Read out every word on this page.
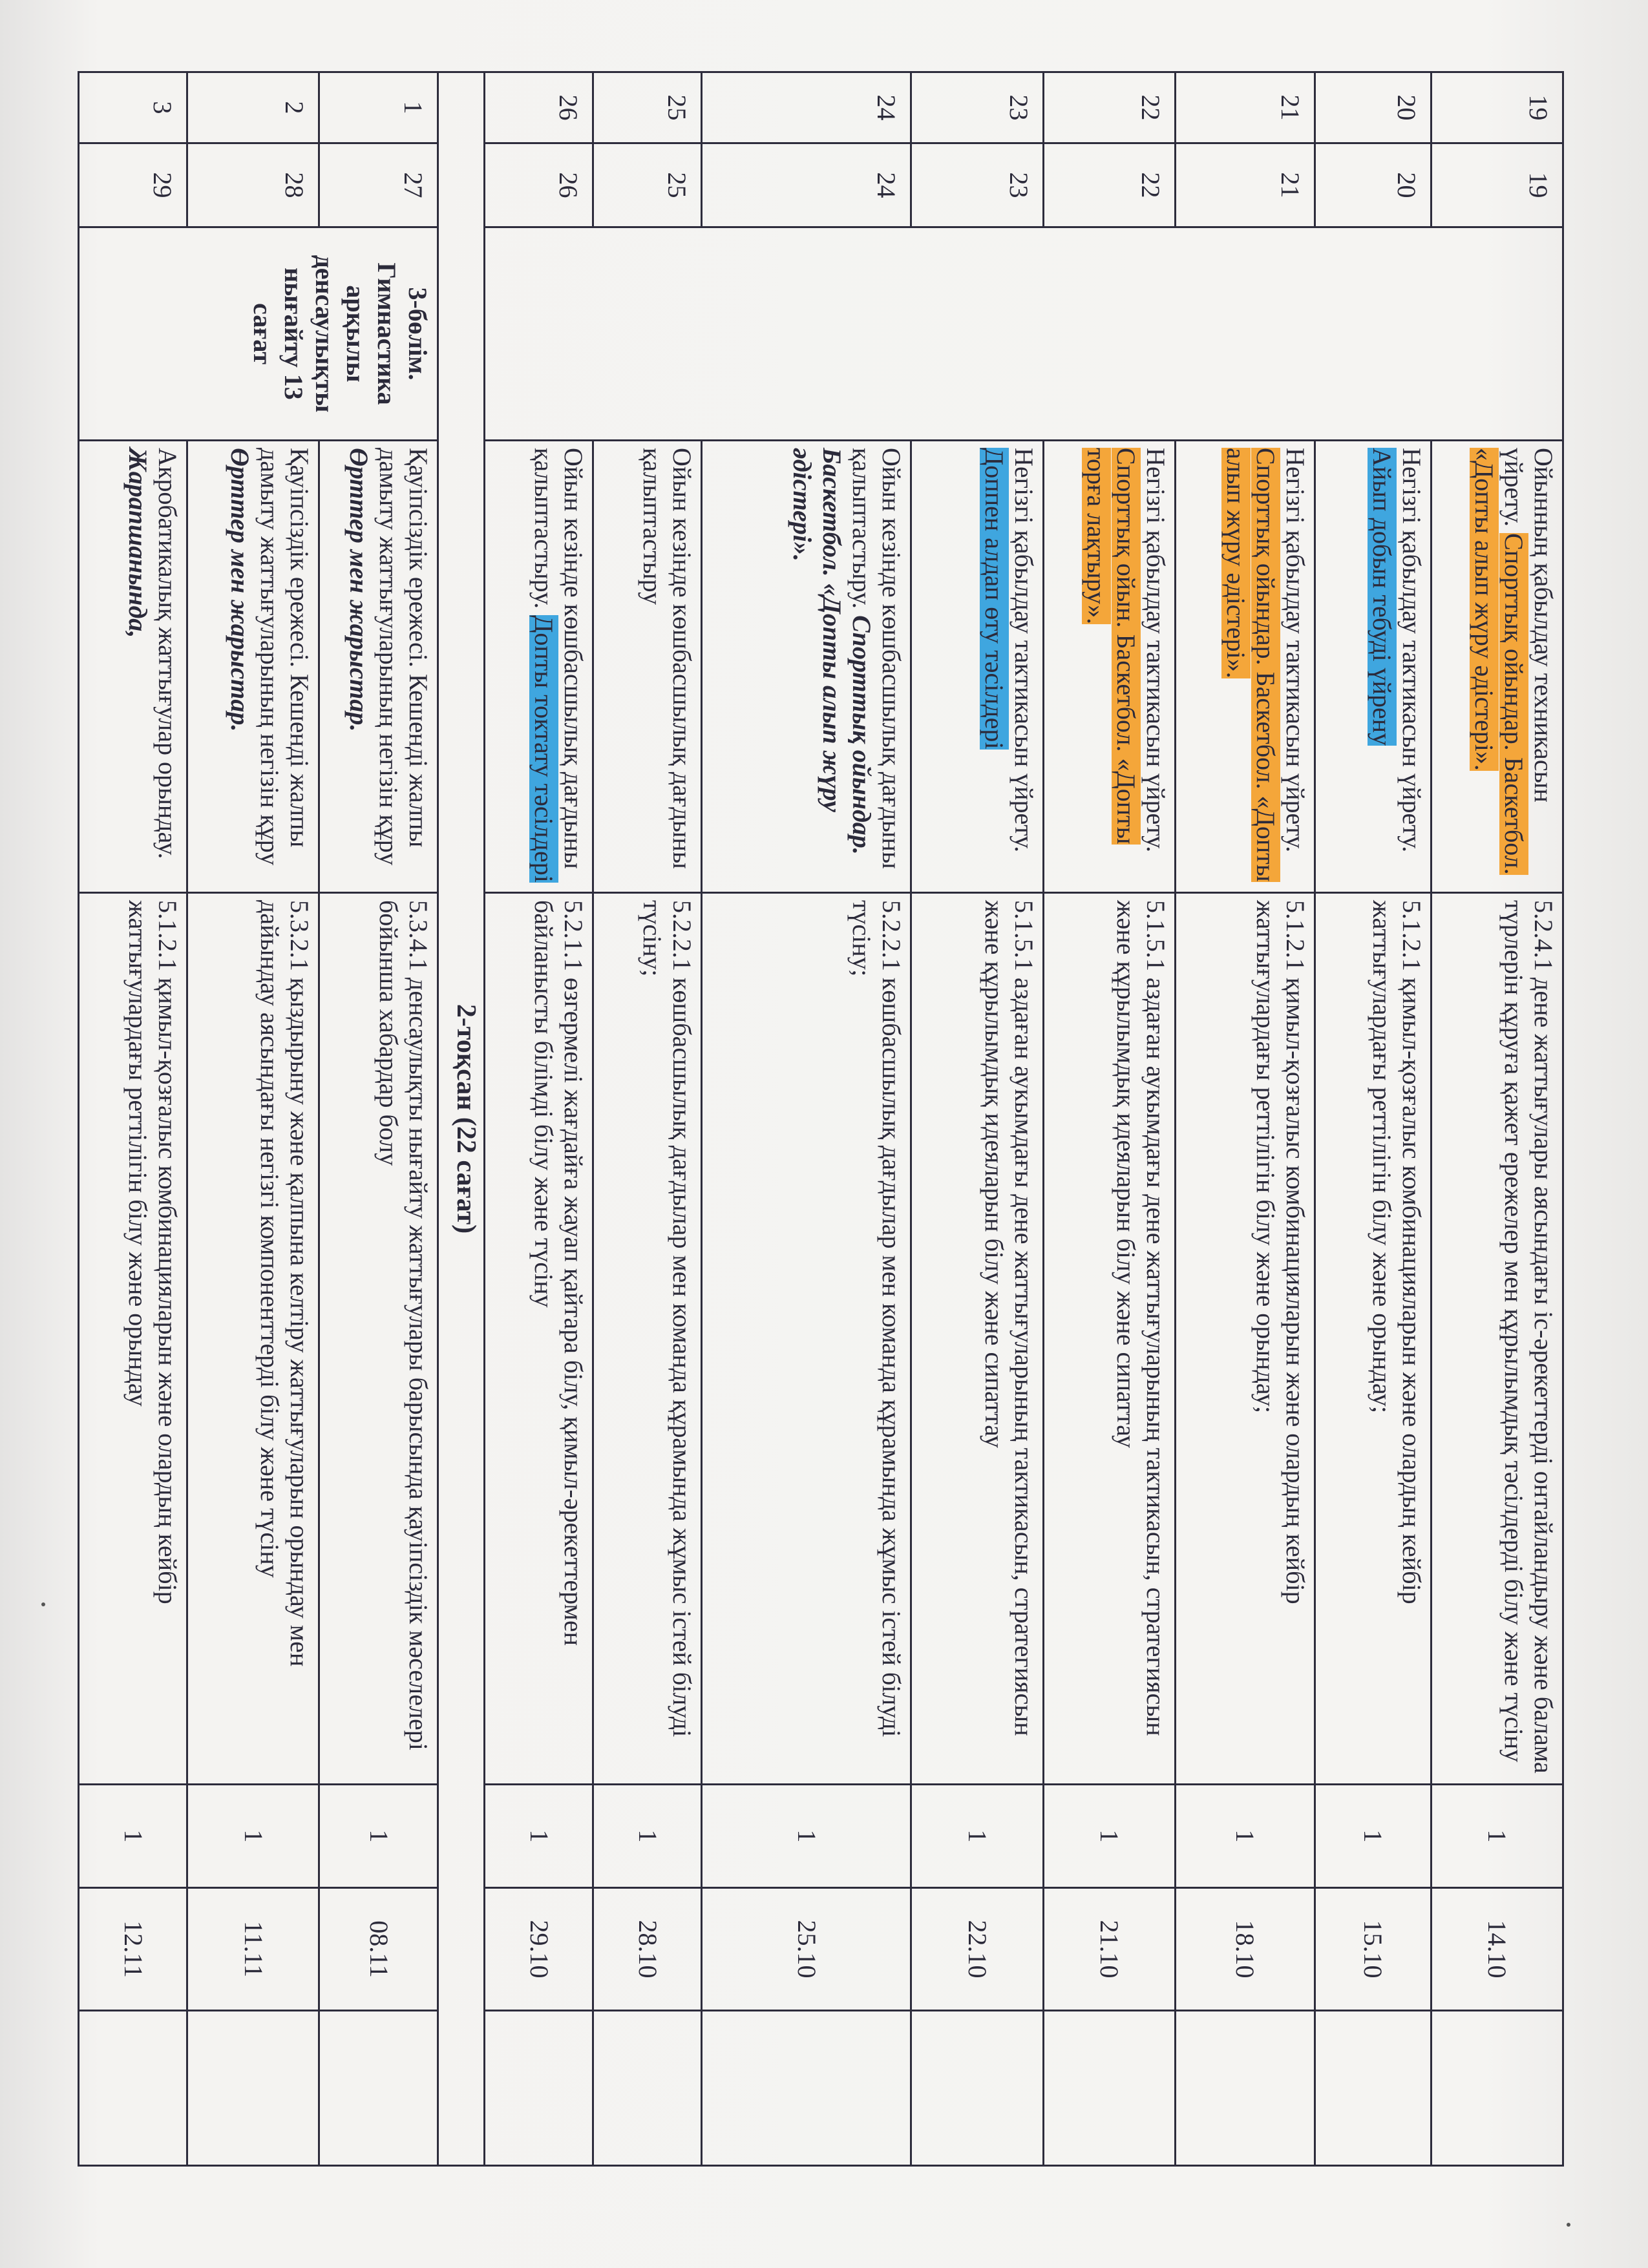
19	19		Ойынның қабылдау техникасын үйрету. Спорттық ойындар. Баскетбол. «Допты алып жүру әдістері».	5.2.4.1 дене жаттығулары аясындағы іс-әрекеттерді онтайландыру және балама түрлерін құруға қажет ережелер мен құрылымдық тәсілдерді білу және түсіну	1	14.10	
20	20		Негізгі қабылдау тактикасын үйрету. Айып добын тебуді үйрену	5.1.2.1 қимыл-қозғалыс комбинацияларын және олардың кейбір жаттығулардағы реттілігін білу және орындау;	1	15.10	
21	21		Негізгі қабылдау тактикасын үйрету. Спорттық ойындар. Баскетбол. «Допты алып жүру әдістері».	5.1.2.1 қимыл-қозғалыс комбинацияларын және олардың кейбір жаттығулардағы реттілігін білу және орындау;	1	18.10	
22	22		Негізгі қабылдау тактикасын үйрету. Спорттық ойын. Баскетбол. «Допты торға лақтыру».	5.1.5.1 аздаған аукымдағы дене жаттығуларының тактикасын, стратегиясын және құрылымдық идеяларын білу және сипаттау	1	21.10	
23	23		Негізгі қабылдау тактикасын үйрету. Доппен алдап өту тәсілдері	5.1.5.1 аздаған аукымдағы дене жаттығуларының тактикасын, стратегиясын және құрылымдық идеяларын білу және сипаттау	1	22.10	
24	24		Ойын кезінде көшбасшылық дағдыны қалыптастыру. Спорттық ойындар. Баскетбол. «Допты алып жүру әдістері».	5.2.2.1 көшбасшылық дағдылар мен команда құрамында жұмыс істей білуді түсіну;	1	25.10	
25	25		Ойын кезінде көшбасшылық дағдыны қалыптастыру	5.2.2.1 көшбасшылық дағдылар мен команда құрамында жұмыс істей білуді түсіну;	1	28.10	
26	26		Ойын кезінде көшбасшылық дағдыны қалыптастыру. Допты токтату тәсілдері	5.2.1.1 өзгермелі жағдайға жауап қайтара білу, қимыл-әрекеттермен байланысты білімді білу және түсіну	1	29.10	
2-тоқсан (22 сағат)							
1	27	3-бөлім. Гимнастика арқылы денсаулықты нығайту 13 сағат	Қауіпсіздік ережесі. Кешенді жалпы дамыту жаттығуларының негізін құру Өрттер мен жарыстар.	5.3.4.1 денсаулықты нығайту жаттығулары барысында қауіпсіздік мәселелері бойынша хабардар болу	1	08.11	
2	28		Қауіпсіздік ережесі. Кешенді жалпы дамыту жаттығуларының негізін құру Өрттер мен жарыстар.	5.3.2.1 қыздырыну және қалпына келтіру жаттығуларын орындау мен дайындау аясындағы негізгі компоненттерді білу және түсіну	1	11.11	
3	29		Акробатикалық жаттығулар орындау. Жарапшанында,	5.1.2.1 қимыл-қозғалыс комбинацияларын және олардың кейбір жаттығулардағы реттілігін білу және орындау	1	12.11	
